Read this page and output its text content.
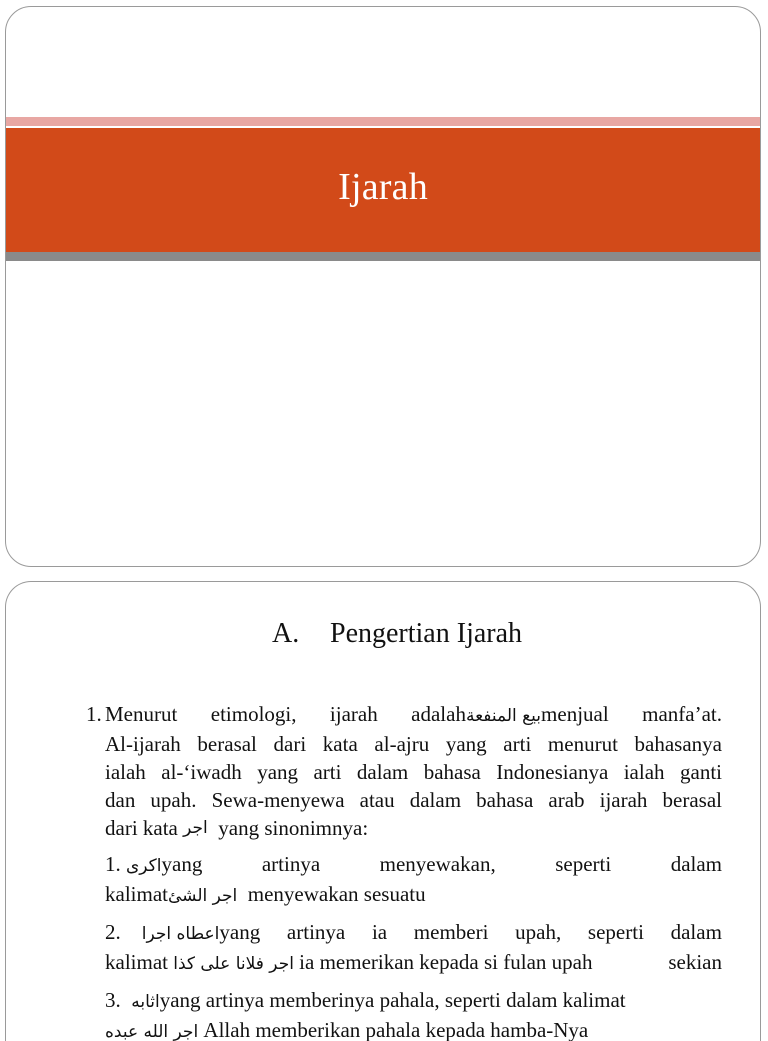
Ijarah
A. Pengertian Ijarah
1. Menurut etimologi, ijarah adalahبيع المنفعةmenjual manfa’at.
Al-ijarah berasal dari kata al-ajru yang arti menurut bahasanya
ialah al-‘iwadh yang arti dalam bahasa Indonesianya ialah ganti
dan upah. Sewa-menyewa atau dalam bahasa arab ijarah berasal
dari kata
اجر
yang sinonimnya:
1. اكرىyang	artinya	menyewakan,	seperti	dalam
kalimatاجر الشئ menyewakan sesuatu
2. اعطاه اجراyang artinya ia memberi upah, seperti dalam
kalimat اجر فلانا على كذا ia memerikan kepada si fulan upah	sekian
3. اثابهyang artinya memberinya pahala, seperti dalam kalimat
اجر الله عبده Allah memberikan pahala kepada hamba-Nya
